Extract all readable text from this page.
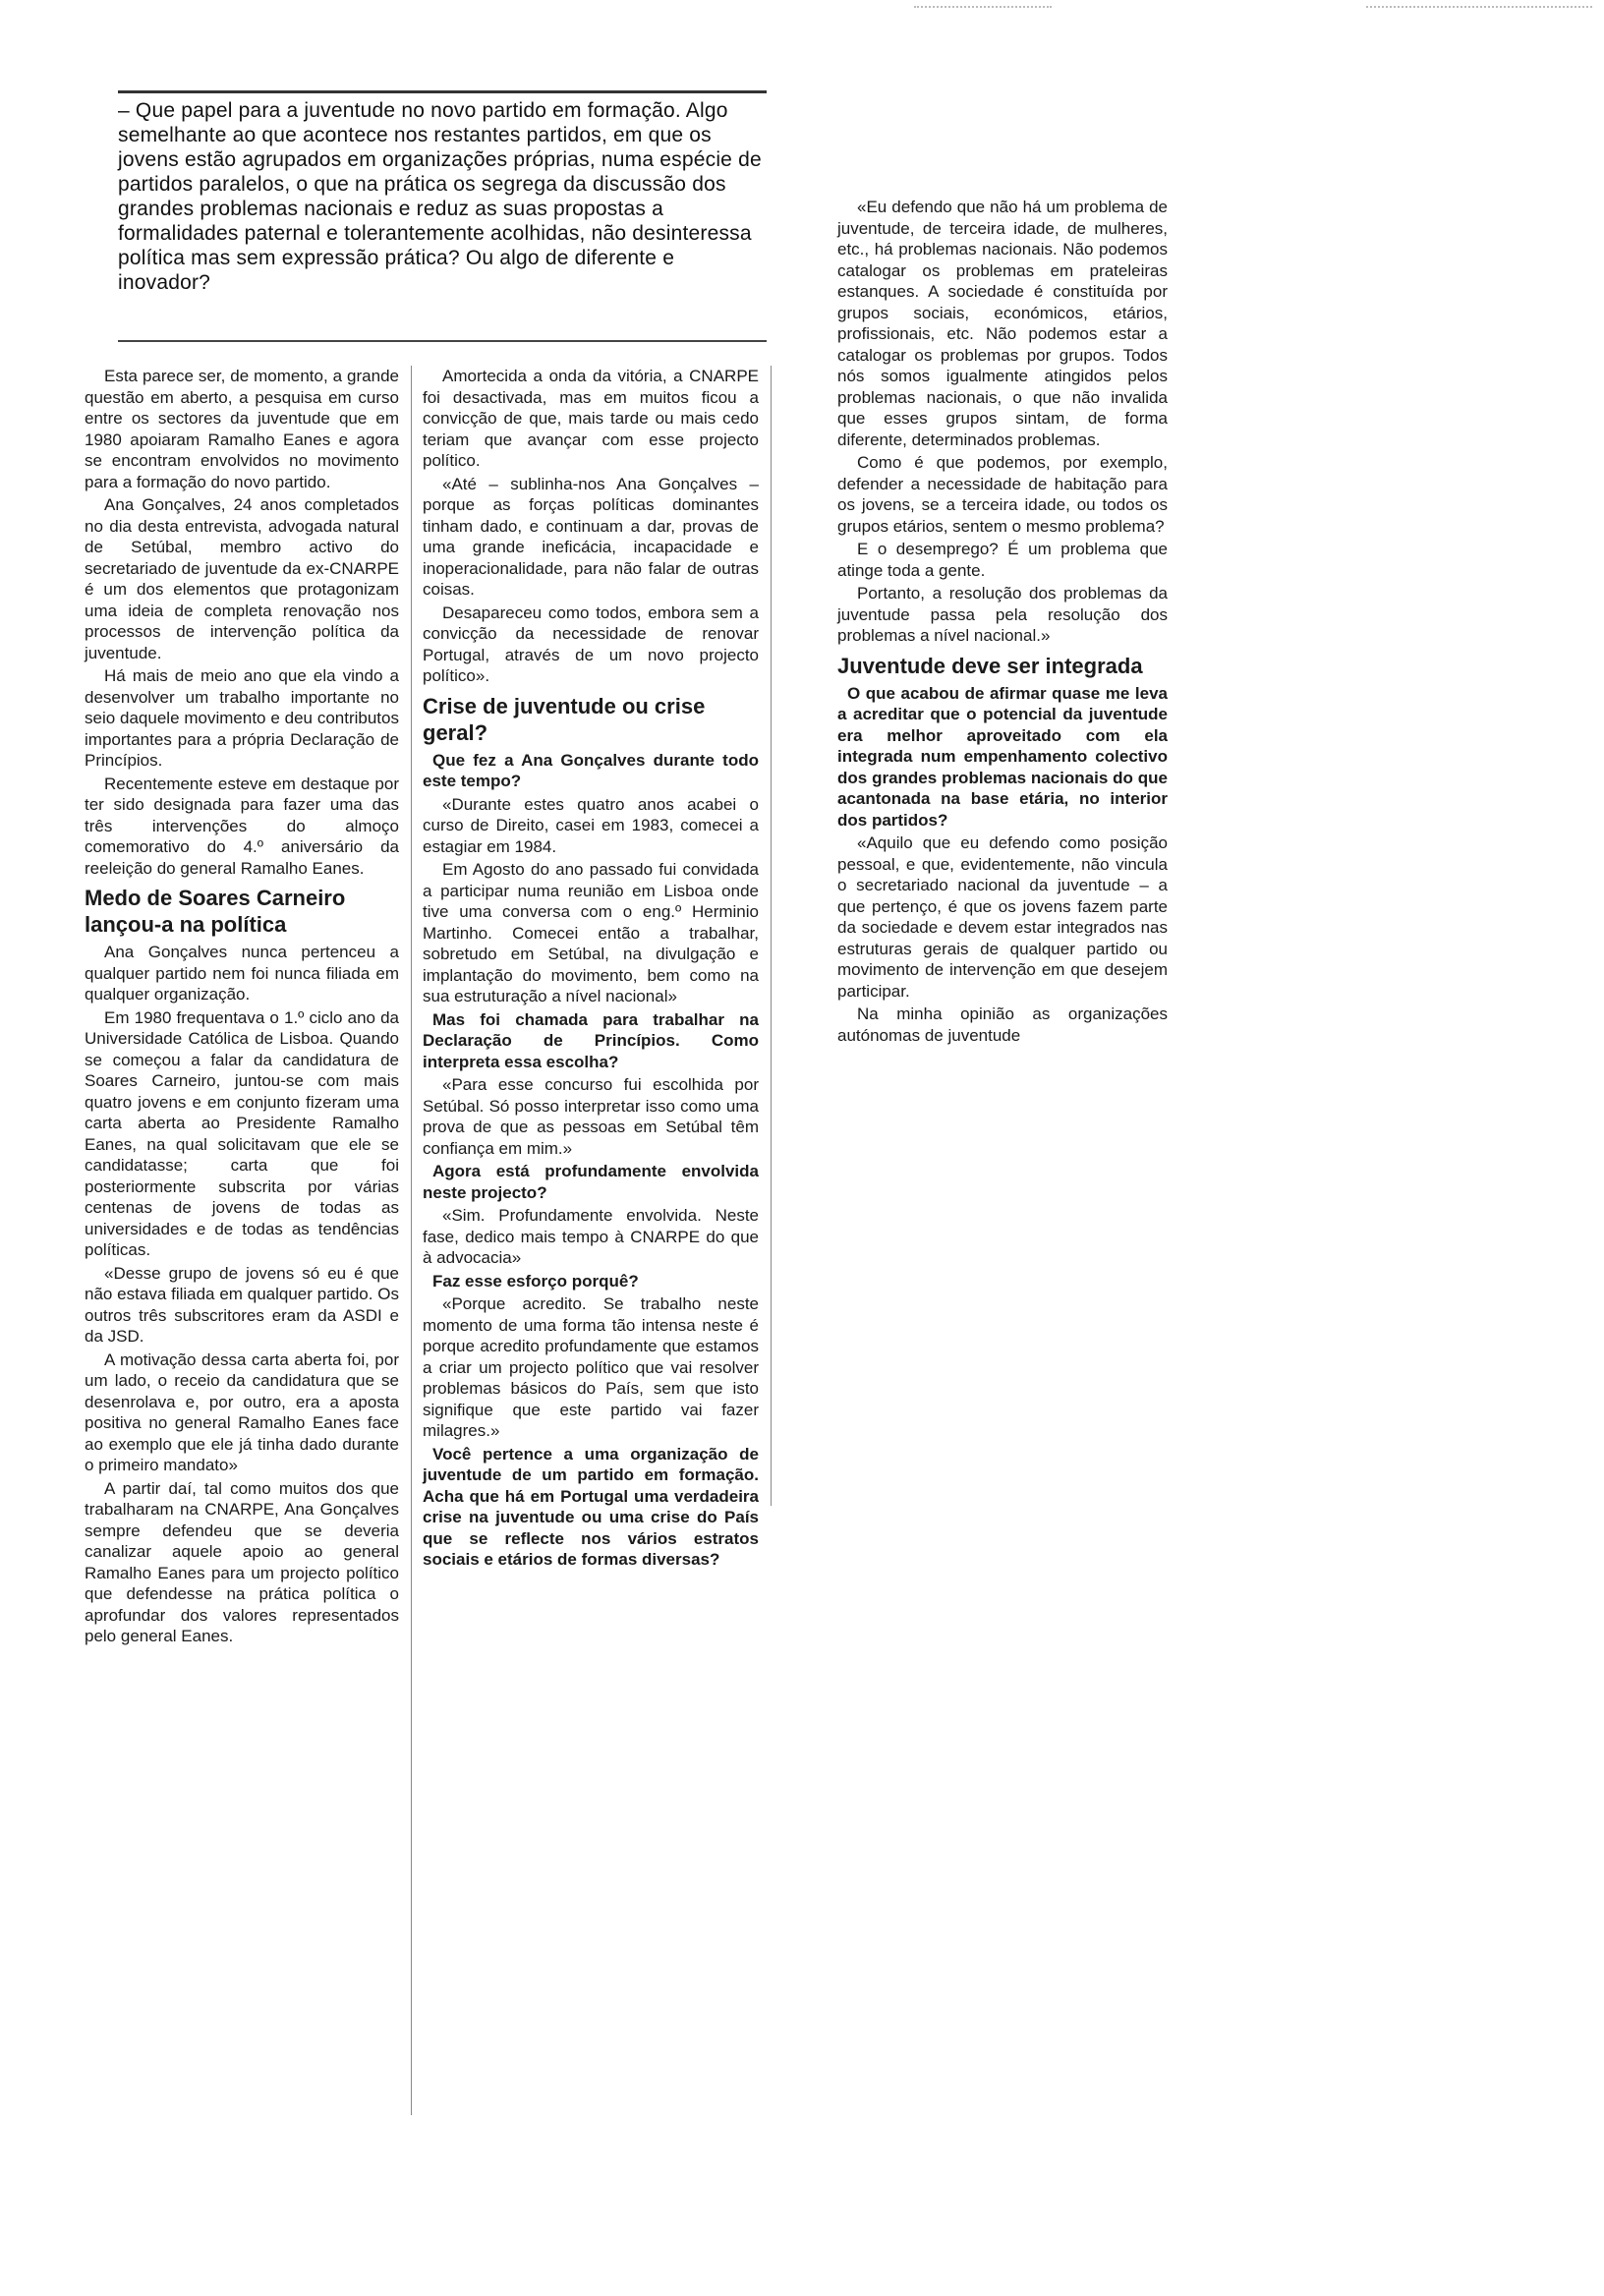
– Que papel para a juventude no novo partido em formação. Algo semelhante ao que acontece nos restantes partidos, em que os jovens estão agrupados em organizações próprias, numa espécie de partidos paralelos, o que na prática os segrega da discussão dos grandes problemas nacionais e reduz as suas propostas a formalidades paternal e tolerantemente acolhidas, não desinteressa política mas sem expressão prática? Ou algo de diferente e inovador?

Esta parece ser, de momento, a grande questão em aberto, a pesquisa em curso entre os sectores da juventude que em 1980 apoiaram Ramalho Eanes e agora se encontram envolvidos no movimento para a formação do novo partido.

Ana Gonçalves, 24 anos completados no dia desta entrevista, advogada natural de Setúbal, membro activo do secretariado de juventude da ex-CNARPE é um dos elementos que protagonizam uma ideia de completa renovação nos processos de intervenção política da juventude.

Há mais de meio ano que ela vindo a desenvolver um trabalho importante no seio daquele movimento e deu contributos importantes para a própria Declaração de Princípios.

Recentemente esteve em destaque por ter sido designada para fazer uma das três intervenções do almoço comemorativo do 4.º aniversário da reeleição do general Ramalho Eanes.

Medo de Soares Carneiro lançou-a na política

Ana Gonçalves nunca pertenceu a qualquer partido nem foi nunca filiada em qualquer organização.

Em 1980 frequentava o 1.º ciclo ano da Universidade Católica de Lisboa. Quando se começou a falar da candidatura de Soares Carneiro, juntou-se com mais quatro jovens e em conjunto fizeram uma carta aberta ao Presidente Ramalho Eanes, na qual solicitavam que ele se candidatasse; carta que foi posteriormente subscrita por várias centenas de jovens de todas as universidades e de todas as tendências políticas.

«Desse grupo de jovens só eu é que não estava filiada em qualquer partido. Os outros três subscritores eram da ASDI e da JSD.

A motivação dessa carta aberta foi, por um lado, o receio da candidatura que se desenrolava e, por outro, era a aposta positiva no general Ramalho Eanes face ao exemplo que ele já tinha dado durante o primeiro mandato»

A partir daí, tal como muitos dos que trabalharam na CNARPE, Ana Gonçalves sempre defendeu que se deveria canalizar aquele apoio ao general Ramalho Eanes para um projecto político que defendesse na prática política o aprofundar dos valores representados pelo general Eanes.

Amortecida a onda da vitória, a CNARPE foi desactivada, mas em muitos ficou a convicção de que, mais tarde ou mais cedo teriam que avançar com esse projecto político.

«Até – sublinha-nos Ana Gonçalves – porque as forças políticas dominantes tinham dado, e continuam a dar, provas de uma grande ineficácia, incapacidade e inoperacionalidade, para não falar de outras coisas.

Desapareceu como todos, embora sem a convicção da necessidade de renovar Portugal, através de um novo projecto político».

Crise de juventude ou crise geral?

Que fez a Ana Gonçalves durante todo este tempo?

«Durante estes quatro anos acabei o curso de Direito, casei em 1983, comecei a estagiar em 1984.

Em Agosto do ano passado fui convidada a participar numa reunião em Lisboa onde tive uma conversa com o eng.º Herminio Martinho. Comecei então a trabalhar, sobretudo em Setúbal, na divulgação e implantação do movimento, bem como na sua estruturação a nível nacional»

Mas foi chamada para trabalhar na Declaração de Princípios. Como interpreta essa escolha?

«Para esse concurso fui escolhida por Setúbal. Só posso interpretar isso como uma prova de que as pessoas em Setúbal têm confiança em mim.»

Agora está profundamente envolvida neste projecto?

«Sim. Profundamente envolvida. Neste fase, dedico mais tempo à CNARPE do que à advocacia»

Faz esse esforço porquê?

«Porque acredito. Se trabalho neste momento de uma forma tão intensa neste é porque acredito profundamente que estamos a criar um projecto político que vai resolver problemas básicos do País, sem que isto signifique que este partido vai fazer milagres.»

Você pertence a uma organização de juventude de um partido em formação. Acha que há em Portugal uma verdadeira crise na juventude ou uma crise do País que se reflecte nos vários estratos sociais e etários de formas diversas?

«Eu defendo que não há um problema de juventude, de terceira idade, de mulheres, etc., há problemas nacionais. Não podemos catalogar os problemas em prateleiras estanques. A sociedade é constituída por grupos sociais, económicos, etários, profissionais, etc. Não podemos estar a catalogar os problemas por grupos. Todos nós somos igualmente atingidos pelos problemas nacionais, o que não invalida que esses grupos sintam, de forma diferente, determinados problemas.

Como é que podemos, por exemplo, defender a necessidade de habitação para os jovens, se a terceira idade, ou todos os grupos etários, sentem o mesmo problema?

E o desemprego? É um problema que atinge toda a gente.

Portanto, a resolução dos problemas da juventude passa pela resolução dos problemas a nível nacional.»

Juventude deve ser integrada

O que acabou de afirmar quase me leva a acreditar que o potencial da juventude era melhor aproveitado com ela integrada num empenhamento colectivo dos grandes problemas nacionais do que acantonada na base etária, no interior dos partidos?

«Aquilo que eu defendo como posição pessoal, e que, evidentemente, não vincula o secretariado nacional da juventude – a que pertenço, é que os jovens fazem parte da sociedade e devem estar integrados nas estruturas gerais de qualquer partido ou movimento de intervenção em que desejem participar.

Na minha opinião as organizações autónomas de juventude
